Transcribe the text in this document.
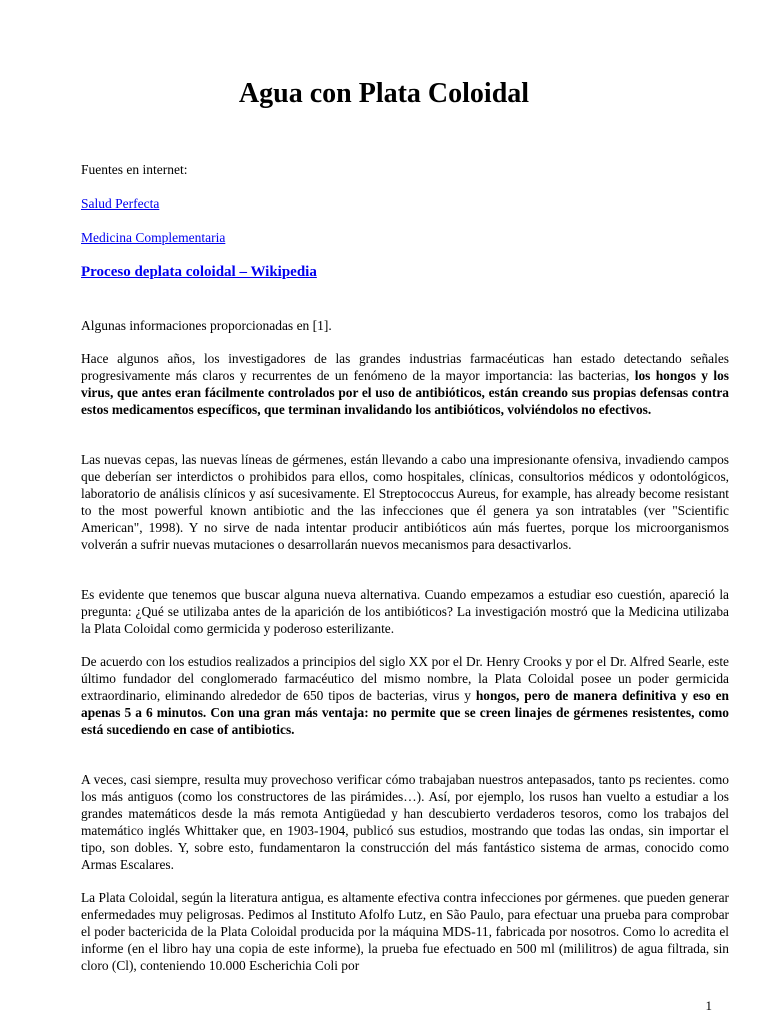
Agua con Plata Coloidal
Fuentes en internet:
Salud Perfecta
Medicina Complementaria
Proceso deplata coloidal – Wikipedia
Algunas informaciones proporcionadas en [1].
Hace algunos años, los investigadores de las grandes industrias farmacéuticas han estado detectando señales progresivamente más claros y recurrentes de un fenómeno de la mayor importancia: las bacterias, los hongos y los virus, que antes eran fácilmente controlados por el uso de antibióticos, están creando sus propias defensas contra estos medicamentos específicos, que terminan invalidando los antibióticos, volviéndolos no efectivos.
Las nuevas cepas, las nuevas líneas de gérmenes, están llevando a cabo una impresionante ofensiva, invadiendo campos que deberían ser interdictos o prohibidos para ellos, como hospitales, clínicas, consultorios médicos y odontológicos, laboratorio de análisis clínicos y así sucesivamente. El Streptococcus Aureus, for example, has already become resistant to the most powerful known antibiotic and the las infecciones que él genera ya son intratables (ver "Scientific American", 1998). Y no sirve de nada intentar producir antibióticos aún más fuertes, porque los microorganismos volverán a sufrir nuevas mutaciones o desarrollarán nuevos mecanismos para desactivarlos.
Es evidente que tenemos que buscar alguna nueva alternativa. Cuando empezamos a estudiar eso cuestión, apareció la pregunta: ¿Qué se utilizaba antes de la aparición de los antibióticos? La investigación mostró que la Medicina utilizaba la Plata Coloidal como germicida y poderoso esterilizante.
De acuerdo con los estudios realizados a principios del siglo XX por el Dr. Henry Crooks y por el Dr. Alfred Searle, este último fundador del conglomerado farmacéutico del mismo nombre, la Plata Coloidal posee un poder germicida extraordinario, eliminando alrededor de 650 tipos de bacterias, virus y hongos, pero de manera definitiva y eso en apenas 5 a 6 minutos. Con una gran más ventaja: no permite que se creen linajes de gérmenes resistentes, como está sucediendo en case of antibiotics.
A veces, casi siempre, resulta muy provechoso verificar cómo trabajaban nuestros antepasados, tanto ps recientes. como los más antiguos (como los constructores de las pirámides…). Así, por ejemplo, los rusos han vuelto a estudiar a los grandes matemáticos desde la más remota Antigüedad y han descubierto verdaderos tesoros, como los trabajos del matemático inglés Whittaker que, en 1903-1904, publicó sus estudios, mostrando que todas las ondas, sin importar el tipo, son dobles. Y, sobre esto, fundamentaron la construcción del más fantástico sistema de armas, conocido como Armas Escalares.
La Plata Coloidal, según la literatura antigua, es altamente efectiva contra infecciones por gérmenes. que pueden generar enfermedades muy peligrosas. Pedimos al Instituto Afolfo Lutz, en São Paulo, para efectuar una prueba para comprobar el poder bactericida de la Plata Coloidal producida por la máquina MDS-11, fabricada por nosotros. Como lo acredita el informe (en el libro hay una copia de este informe), la prueba fue efectuado en 500 ml (mililitros) de agua filtrada, sin cloro (Cl), conteniendo 10.000 Escherichia Coli por
1
